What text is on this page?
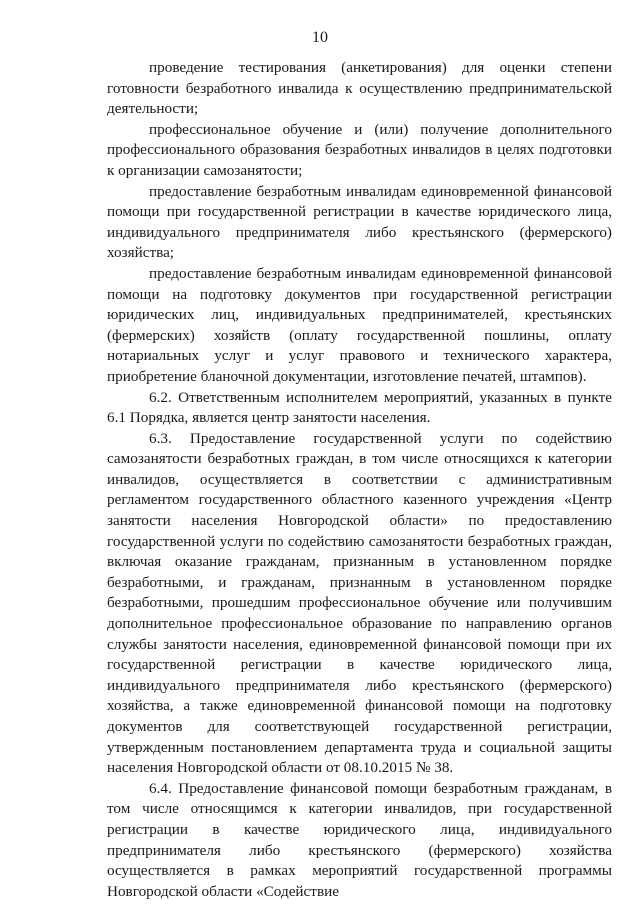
10

проведение тестирования (анкетирования) для оценки степени готовности безработного инвалида к осуществлению предпринимательской деятельности;

профессиональное обучение и (или) получение дополнительного профессионального образования безработных инвалидов в целях подготовки к организации самозанятости;

предоставление безработным инвалидам единовременной финансовой помощи при государственной регистрации в качестве юридического лица, индивидуального предпринимателя либо крестьянского (фермерского) хозяйства;

предоставление безработным инвалидам единовременной финансовой помощи на подготовку документов при государственной регистрации юридических лиц, индивидуальных предпринимателей, крестьянских (фермерских) хозяйств (оплату государственной пошлины, оплату нотариальных услуг и услуг правового и технического характера, приобретение бланочной документации, изготовление печатей, штампов).

6.2. Ответственным исполнителем мероприятий, указанных в пункте 6.1 Порядка, является центр занятости населения.

6.3. Предоставление государственной услуги по содействию самозанятости безработных граждан, в том числе относящихся к категории инвалидов, осуществляется в соответствии с административным регламентом государственного областного казенного учреждения «Центр занятости населения Новгородской области» по предоставлению государственной услуги по содействию самозанятости безработных граждан, включая оказание гражданам, признанным в установленном порядке безработными, и гражданам, признанным в установленном порядке безработными, прошедшим профессиональное обучение или получившим дополнительное профессиональное образование по направлению органов службы занятости населения, единовременной финансовой помощи при их государственной регистрации в качестве юридического лица, индивидуального предпринимателя либо крестьянского (фермерского) хозяйства, а также единовременной финансовой помощи на подготовку документов для соответствующей государственной регистрации, утвержденным постановлением департамента труда и социальной защиты населения Новгородской области от 08.10.2015 № 38.

6.4. Предоставление финансовой помощи безработным гражданам, в том числе относящимся к категории инвалидов, при государственной регистрации в качестве юридического лица, индивидуального предпринимателя либо крестьянского (фермерского) хозяйства осуществляется в рамках мероприятий государственной программы Новгородской области «Содействие
